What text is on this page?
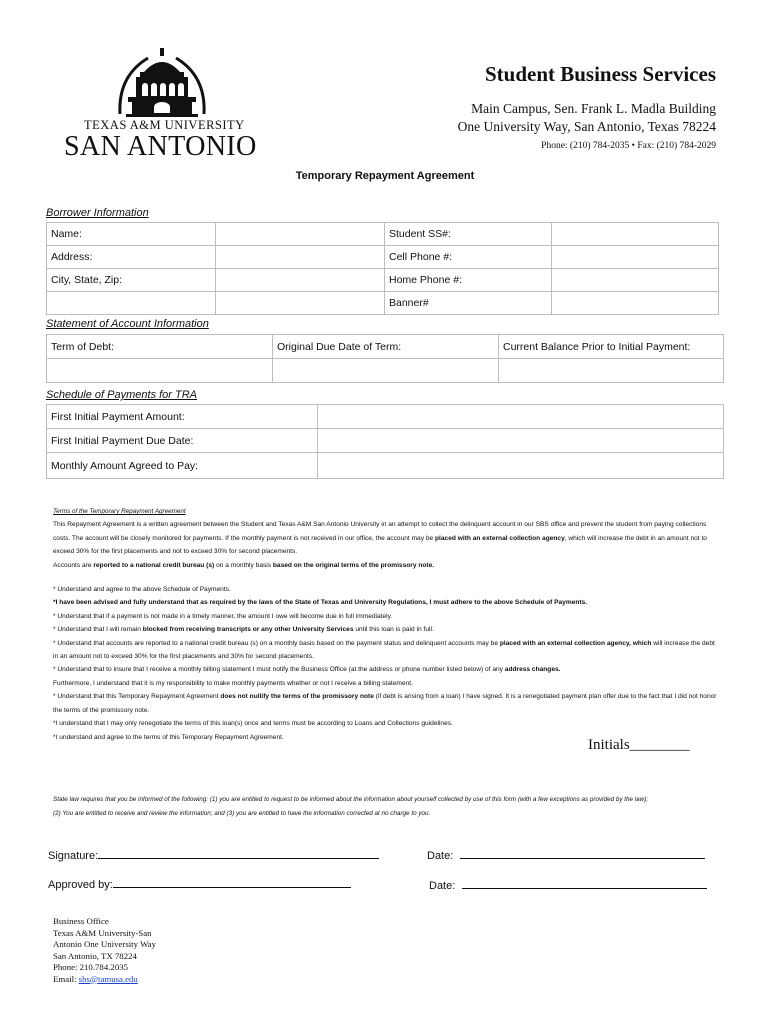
TEXAS A&M UNIVERSITY
SAN ANTONIO
Student Business Services
Main Campus, Sen. Frank L. Madla Building
One University Way, San Antonio, Texas 78224
Phone: (210) 784-2035 • Fax: (210) 784-2029
Temporary Repayment Agreement
Borrower Information
Name:		Student SS#:	
Address:		Cell Phone #:	
City, State, Zip:		Home Phone #:	
		Banner#	
Statement of Account Information
Term of Debt:	Original Due Date of Term:	Current Balance Prior to Initial Payment:

Schedule of Payments for TRA
First Initial Payment Amount:	
First Initial Payment Due Date:	
Monthly Amount Agreed to Pay:	

Terms of the Temporary Repayment Agreement

This Repayment Agreement is a written agreement between the Student and Texas A&M San Antonio University in an attempt to collect the delinquent account in our SBS office and prevent the student from paying collections costs. The account will be closely monitored for payments. If the monthly payment is not received in our office, the account may be placed with an external collection agency, which will increase the debt in an amount not to exceed 30% for the first placements and not to exceed 30% for second placements.

Accounts are reported to a national credit bureau (s) on a monthly basis based on the original terms of the promissory note.

* Understand and agree to the above Schedule of Payments.

*I have been advised and fully understand that as required by the laws of the State of Texas and University Regulations, I must adhere to the above Schedule of Payments.

* Understand that if a payment is not made in a timely manner, the amount I owe will become due in full immediately.

* Understand that I will remain blocked from receiving transcripts or any other University Services until this loan is paid in full.

* Understand that accounts are reported to a national credit bureau (s) on a monthly basis based on the payment status and delinquent accounts may be placed with an external collection agency, which will increase the debt in an amount not to exceed 30% for the first placements and 30% for second placements.

* Understand that to insure that I receive a monthly billing statement I must notify the Business Office (at the address or phone number listed below) of any address changes.
Furthermore, I understand that it is my responsibility to make monthly payments whether or not I receive a billing statement.

* Understand that this Temporary Repayment Agreement does not nullify the terms of the promissory note (if debt is arising from a loan) I have signed. It is a renegotiated payment plan offer due to the fact that I did not honor the terms of the promissory note.

*I understand that I may only renegotiate the terms of this loan(s) once and terms must be according to Loans and Collections guidelines.

*I understand and agree to the terms of this Temporary Repayment Agreement.	Initials________
State law requires that you be informed of the following: (1) you are entitled to request to be informed about the information about yourself collected by use of this form (with a few exceptions as provided by the law);
(2) You are entitled to receive and review the information; and (3) you are entitled to have the information corrected at no charge to you.
Signature:	Date:
Approved by:	Date:
Business Office
Texas A&M University-San
Antonio One University Way
San Antonio, TX 78224
Phone: 210.784.2035
Email: sbs@tamusa.edu
